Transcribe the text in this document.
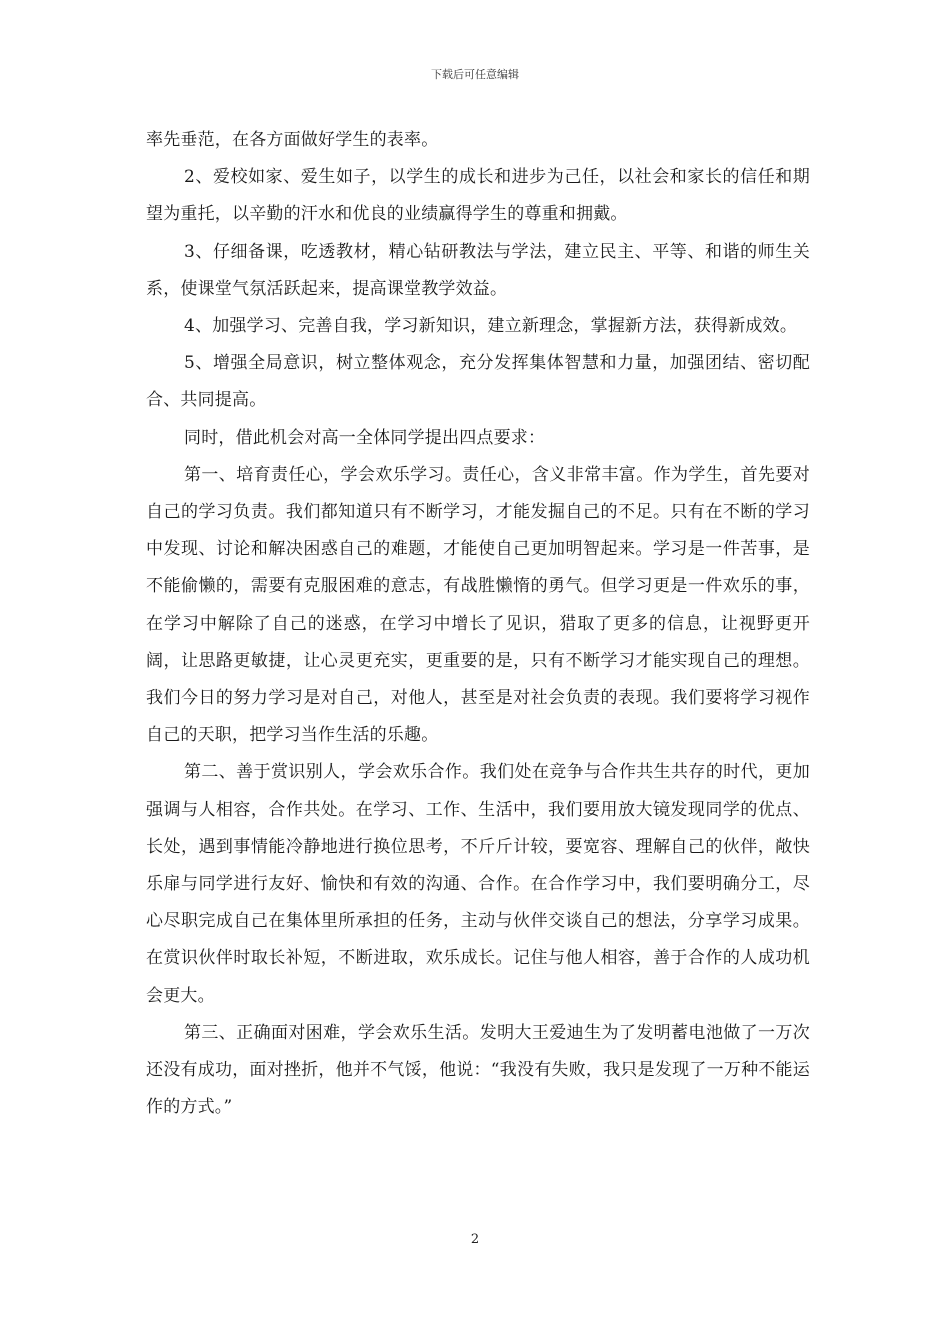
下载后可任意编辑

率先垂范，在各方面做好学生的表率。

2、爱校如家、爱生如子，以学生的成长和进步为己任，以社会和家长的信任和期望为重托，以辛勤的汗水和优良的业绩赢得学生的尊重和拥戴。

3、仔细备课，吃透教材，精心钻研教法与学法，建立民主、平等、和谐的师生关系，使课堂气氛活跃起来，提高课堂教学效益。

4、加强学习、完善自我，学习新知识，建立新理念，掌握新方法，获得新成效。

5、增强全局意识，树立整体观念，充分发挥集体智慧和力量，加强团结、密切配合、共同提高。

同时，借此机会对高一全体同学提出四点要求：

第一、培育责任心，学会欢乐学习。责任心，含义非常丰富。作为学生，首先要对自己的学习负责。我们都知道只有不断学习，才能发掘自己的不足。只有在不断的学习中发现、讨论和解决困惑自己的难题，才能使自己更加明智起来。学习是一件苦事，是不能偷懒的，需要有克服困难的意志，有战胜懒惰的勇气。但学习更是一件欢乐的事，在学习中解除了自己的迷惑，在学习中增长了见识，猎取了更多的信息，让视野更开阔，让思路更敏捷，让心灵更充实，更重要的是，只有不断学习才能实现自己的理想。我们今日的努力学习是对自己，对他人，甚至是对社会负责的表现。我们要将学习视作自己的天职，把学习当作生活的乐趣。

第二、善于赏识别人，学会欢乐合作。我们处在竞争与合作共生共存的时代，更加强调与人相容，合作共处。在学习、工作、生活中，我们要用放大镜发现同学的优点、长处，遇到事情能冷静地进行换位思考，不斤斤计较，要宽容、理解自己的伙伴，敞快乐扉与同学进行友好、愉快和有效的沟通、合作。在合作学习中，我们要明确分工，尽心尽职完成自己在集体里所承担的任务，主动与伙伴交谈自己的想法，分享学习成果。在赏识伙伴时取长补短，不断进取，欢乐成长。记住与他人相容，善于合作的人成功机会更大。

第三、正确面对困难，学会欢乐生活。发明大王爱迪生为了发明蓄电池做了一万次还没有成功，面对挫折，他并不气馁，他说：“我没有失败，我只是发现了一万种不能运作的方式。”

2
